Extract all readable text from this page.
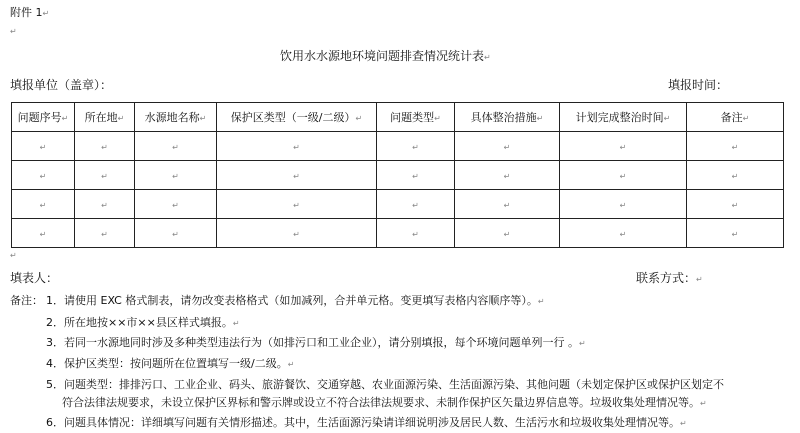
附件 1↵
↵
饮用水水源地环境问题排查情况统计表↵
填报单位（盖章）：	填报时间：
问题序号↵	所在地↵	水源地名称↵	保护区类型（一级/二级）↵	问题类型↵	具体整治措施↵	计划完成整治时间↵	备注↵
↵	↵	↵	↵	↵	↵	↵	↵
↵	↵	↵	↵	↵	↵	↵	↵
↵	↵	↵	↵	↵	↵	↵	↵
↵	↵	↵	↵	↵	↵	↵	↵
↵
填表人：	联系方式：↵
备注： 1．请使用 EXC 格式制表，请勿改变表格格式（如加减列，合并单元格。变更填写表格内容顺序等）。↵
2．所在地按××市××县区样式填报。↵
3．若同一水源地同时涉及多种类型违法行为（如排污口和工业企业），请分别填报，每个环境问题单列一行 。↵
4．保护区类型：按问题所在位置填写一级/二级。↵
5．问题类型：排排污口、工业企业、码头、旅游餐饮、交通穿越、农业面源污染、生活面源污染、其他问题（未划定保护区或保护区划定不
符合法律法规要求，未设立保护区界标和警示牌或设立不符合法律法规要求、未制作保护区矢量边界信息等。垃圾收集处理情况等。↵
6．问题具体情况：详细填写问题有关情形描述。其中，生活面源污染请详细说明涉及居民人数、生活污水和垃圾收集处理情况等。↵
